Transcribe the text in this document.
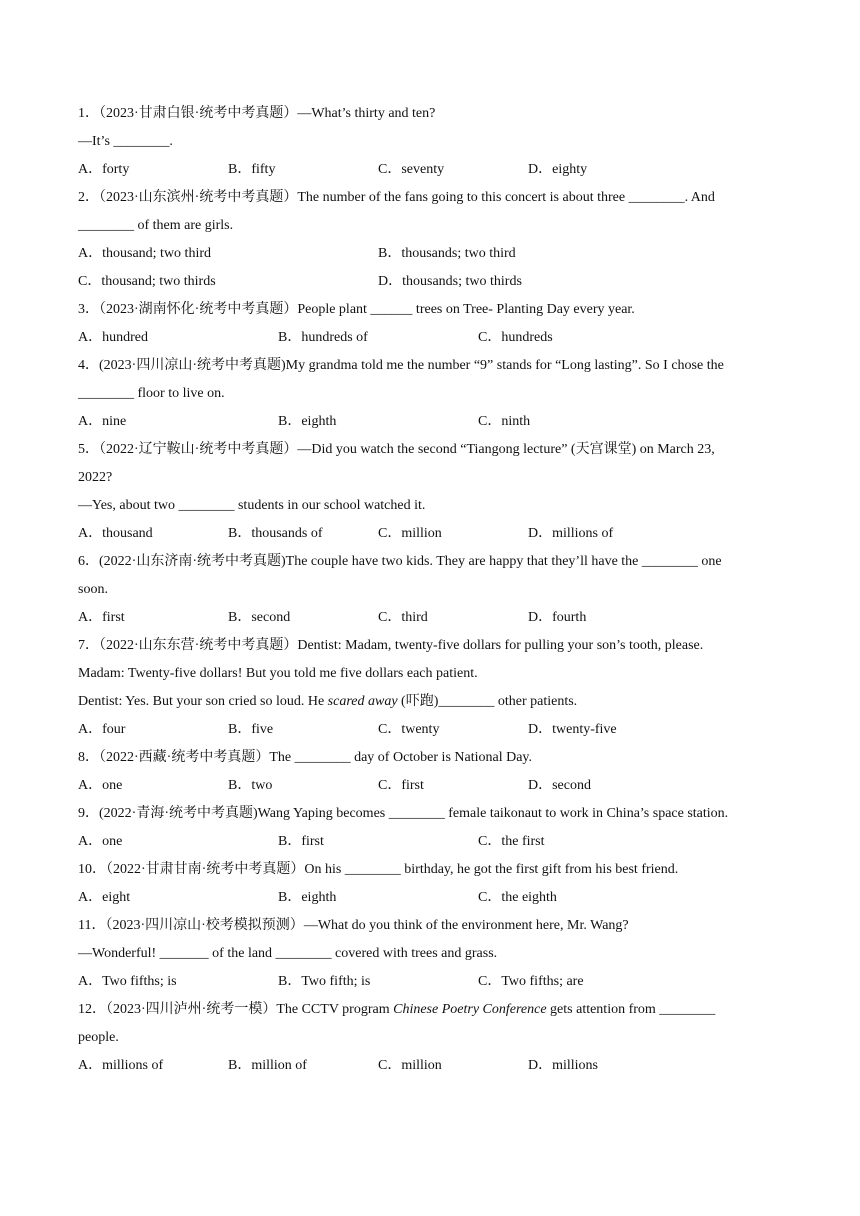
1．（2023·甘肃白银·统考中考真题）—What’s thirty and ten?
—It’s ________.
A．forty	B．fifty	C．seventy	D．eighty
2．（2023·山东滨州·统考中考真题）The number of the fans going to this concert is about three ________. And
________ of them are girls.
A．thousand; two third	B．thousands; two third
C．thousand; two thirds	D．thousands; two thirds
3．（2023·湖南怀化·统考中考真题）People plant ______ trees on Tree- Planting Day every year.
A．hundred	B．hundreds of	C．hundreds
4．(2023·四川凉山·统考中考真题)My grandma told me the number “9” stands for “Long lasting”. So I chose the
________ floor to live on.
A．nine	B．eighth	C．ninth
5．（2022·辽宁鞍山·统考中考真题）—Did you watch the second “Tiangong lecture” (天宫课堂) on March 23,
2022?
—Yes, about two ________ students in our school watched it.
A．thousand	B．thousands of	C．million	D．millions of
6．(2022·山东济南·统考中考真题)The couple have two kids. They are happy that they’ll have the ________ one
soon.
A．first	B．second	C．third	D．fourth
7．（2022·山东东营·统考中考真题）Dentist: Madam, twenty-five dollars for pulling your son’s tooth, please.
Madam: Twenty-five dollars! But you told me five dollars each patient.
Dentist: Yes. But your son cried so loud. He scared away (吓跑)________ other patients.
A．four	B．five	C．twenty	D．twenty-five
8．（2022·西藏·统考中考真题）The ________ day of October is National Day.
A．one	B．two	C．first	D．second
9．(2022·青海·统考中考真题)Wang Yaping becomes ________ female taikonaut to work in China’s space station.
A．one	B．first	C．the first
10．（2022·甘肃甘南·统考中考真题）On his ________ birthday, he got the first gift from his best friend.
A．eight	B．eighth	C．the eighth
11．（2023·四川凉山·校考模拟预测）—What do you think of the environment here, Mr. Wang?
—Wonderful! _______ of the land ________ covered with trees and grass.
A．Two fifths; is	B．Two fifth; is	C．Two fifths; are
12．（2023·四川泸州·统考一模）The CCTV program Chinese Poetry Conference gets attention from ________
people.
A．millions of	B．million of	C．million	D．millions
